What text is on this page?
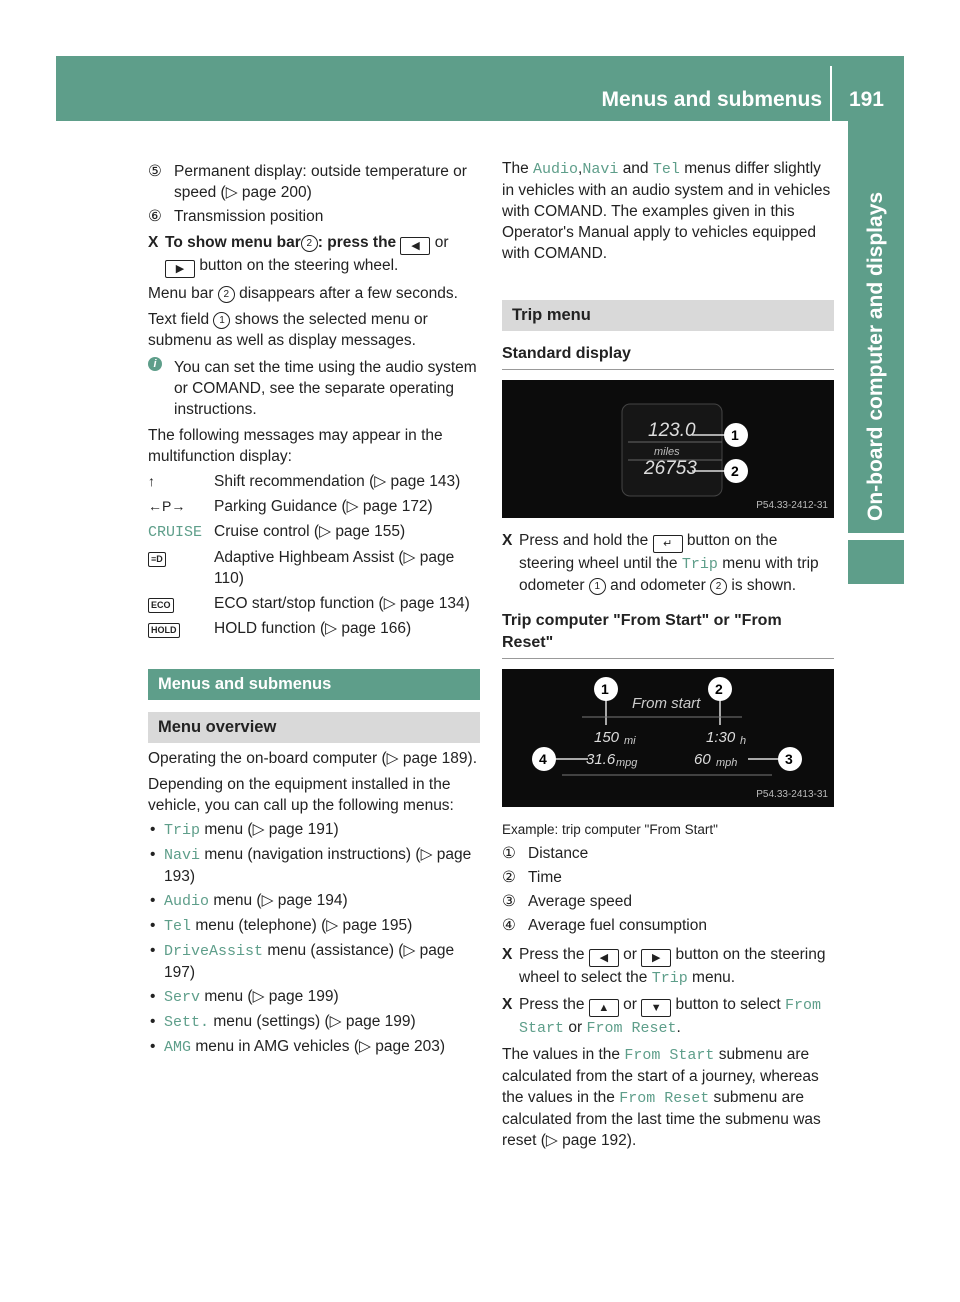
Menus and submenus 191
On-board computer and displays
⑤ Permanent display: outside temperature or speed (▷ page 200)
⑥ Transmission position
X To show menu bar 2 : press the ◀ or ▶ button on the steering wheel.

Menu bar 2 disappears after a few seconds.

Text field 1 shows the selected menu or submenu as well as display messages.

i	You can set the time using the audio system or COMAND, see the separate operating instructions.

The following messages may appear in the multifunction display:

↑	Shift recommendation (▷ page 143)
←P→	Parking Guidance (▷ page 172)
CRUISE Cruise control (▷ page 155)
≡D	Adaptive Highbeam Assist (▷ page 110)
ECO	ECO start/stop function (▷ page 134)
HOLD	HOLD function (▷ page 166)
Menus and submenus
Menu overview

Operating the on-board computer (▷ page 189).

Depending on the equipment installed in the vehicle, you can call up the following menus:

• Trip menu (▷ page 191)
• Navi menu (navigation instructions) (▷ page 193)
• Audio menu (▷ page 194)
• Tel menu (telephone) (▷ page 195)
• DriveAssist menu (assistance) (▷ page 197)
• Serv menu (▷ page 199)
• Sett. menu (settings) (▷ page 199)
• AMG menu in AMG vehicles (▷ page 203)

The Audio,Navi and Tel menus differ slightly in vehicles with an audio system and in vehicles with COMAND. The examples given in this Operator's Manual apply to vehicles equipped with COMAND.

Trip menu
Standard display
123.0
miles
26753
1
2
P54.33-2412-31
X Press and hold the ↵ button on the steering wheel until the Trip menu with trip odometer 1 and odometer 2 is shown.
Trip computer "From Start" or "From Reset"
From start
150 mi	1:30 h
31.6 mpg	60 mph
1	2
3
4
P54.33-2413-31

Example: trip computer "From Start"

① Distance
② Time
③ Average speed
④ Average fuel consumption
X Press the ◀ or ▶ button on the steering wheel to select the Trip menu.
X Press the ▲ or ▼ button to select From Start or From Reset.

The values in the From Start submenu are calculated from the start of a journey, whereas the values in the From Reset submenu are calculated from the last time the submenu was reset (▷ page 192).
